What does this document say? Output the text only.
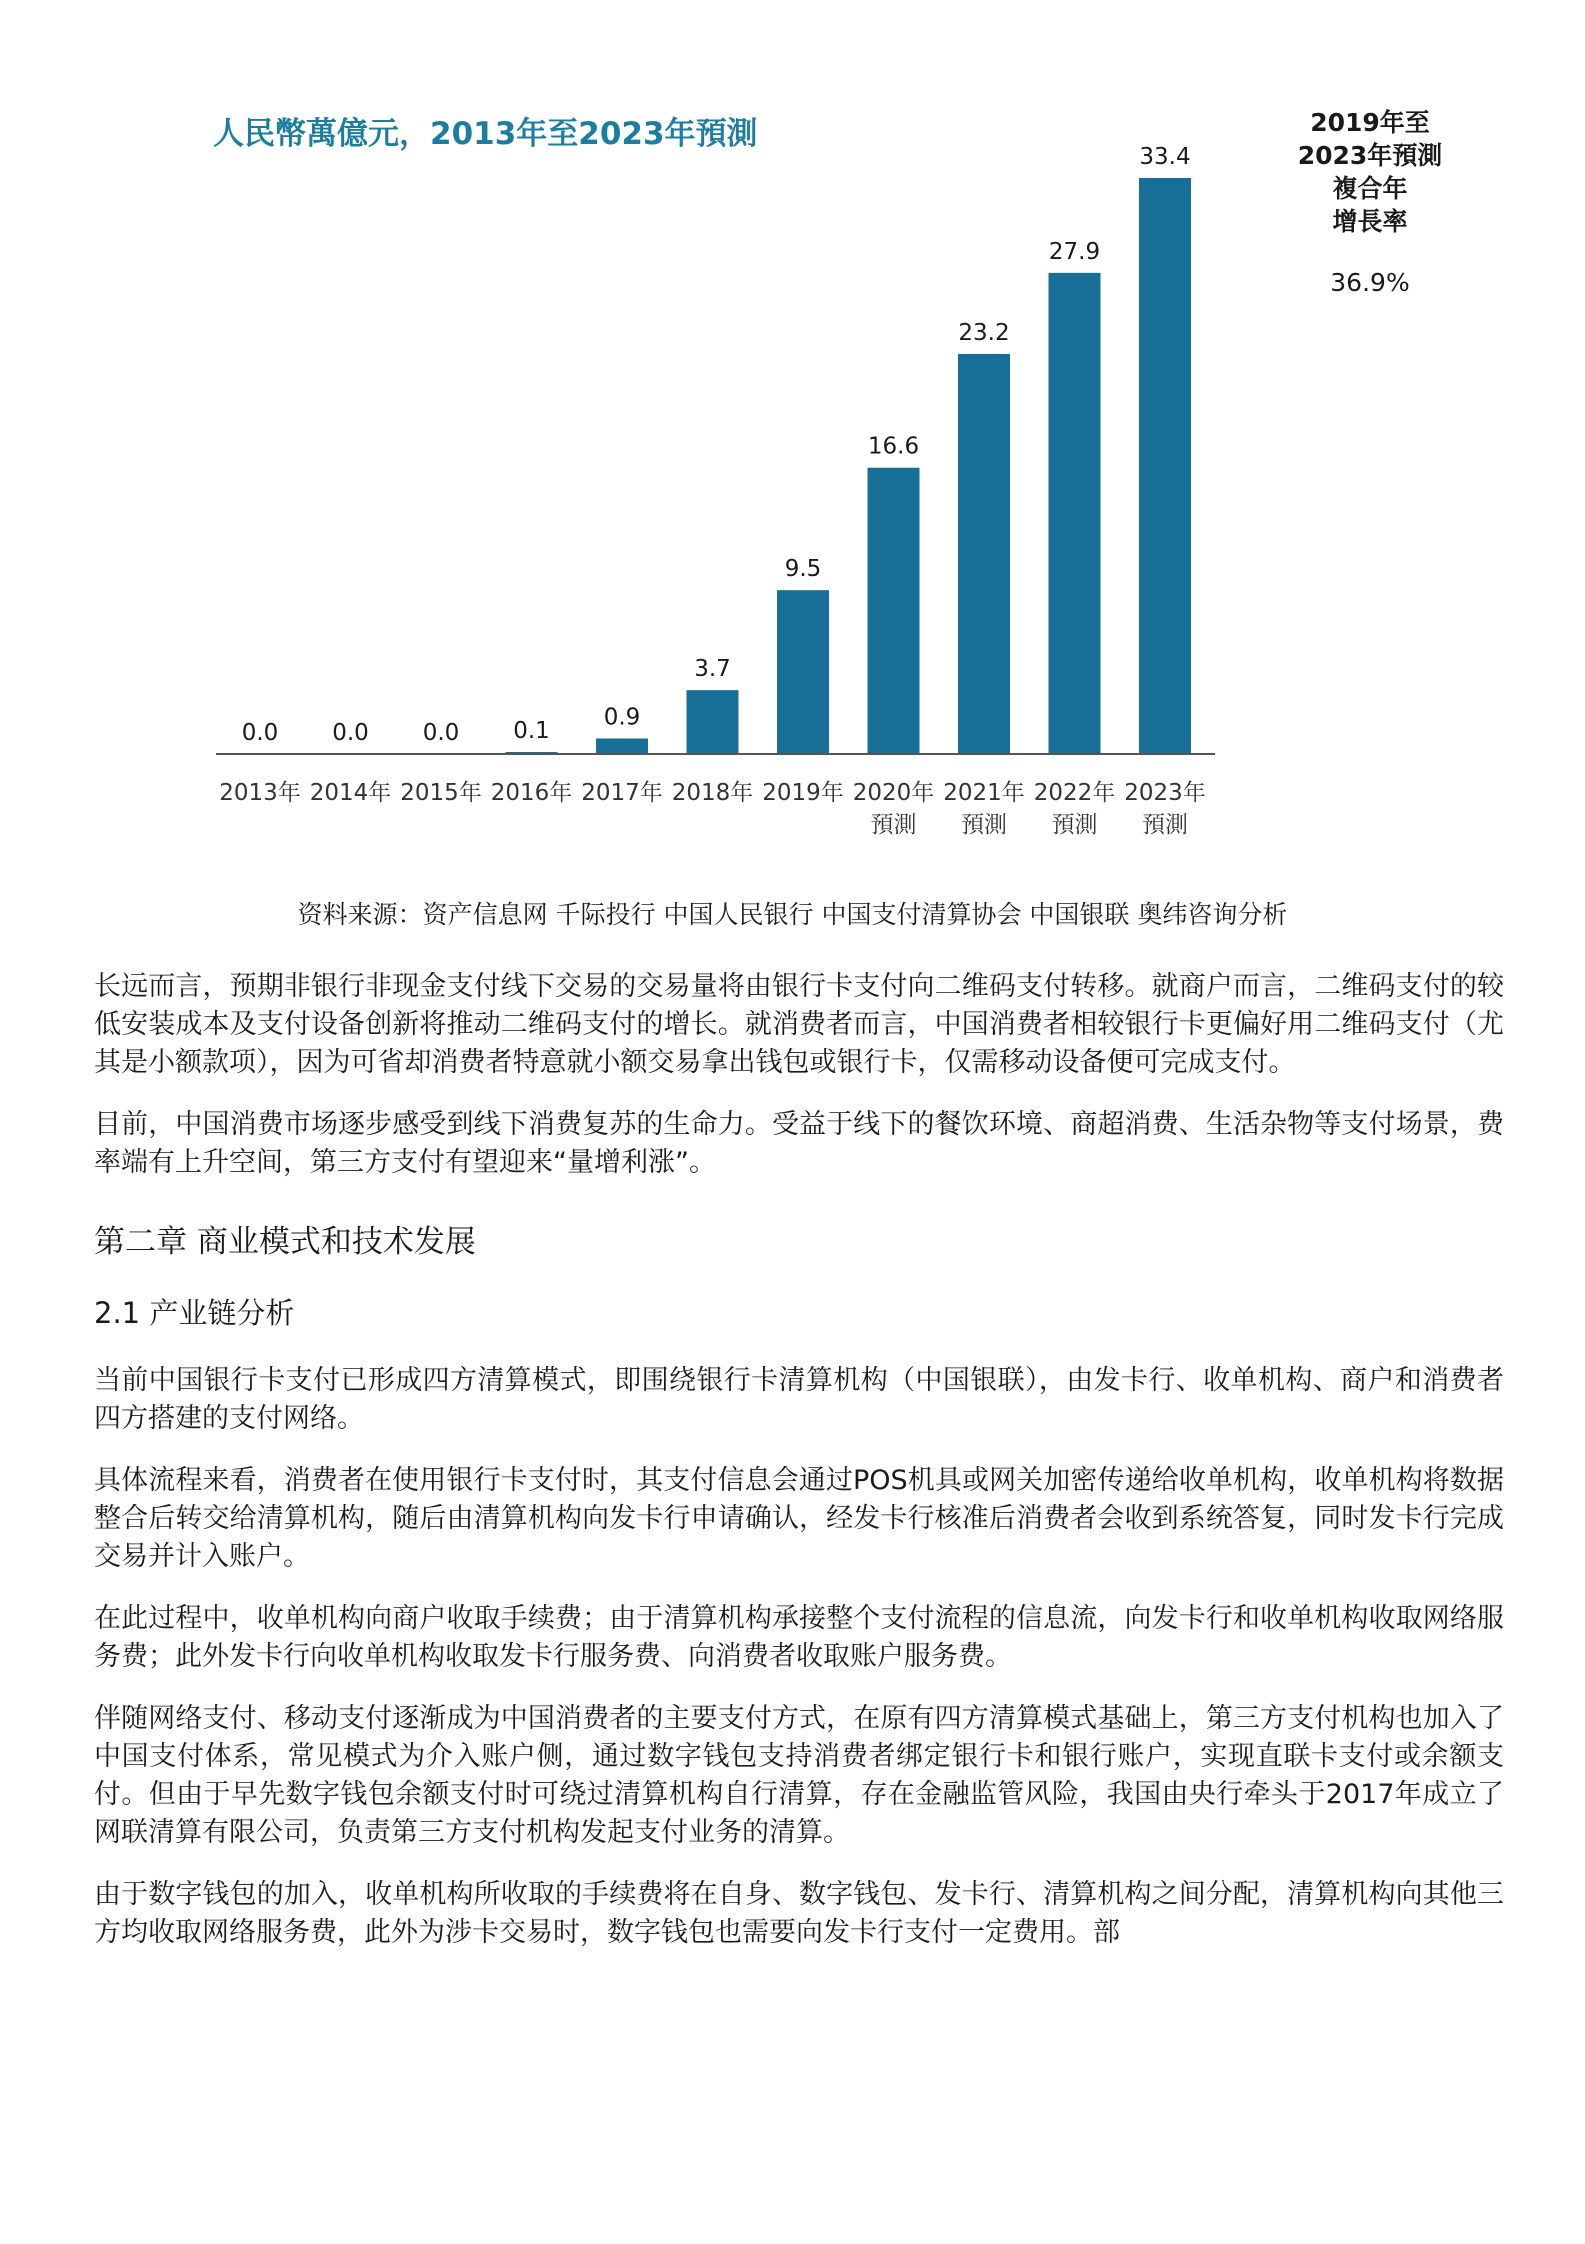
人民幣萬億元，2013年至2023年預測	2019年至
2023年預測
複合年
增長率
36.9%
0.0
2013年
0.0
2014年
0.0
2015年
0.1
2016年
0.9
2017年
3.7
2018年
9.5
2019年
16.6
2020年
預測
23.2
2021年
預測
27.9
2022年
預測
33.4
2023年
預測
资料来源：资产信息网 千际投行 中国人民银行 中国支付清算协会 中国银联 奥纬咨询分析

长远而言，预期非银行非现金支付线下交易的交易量将由银行卡支付向二维码支付转移。就商户而言，二维码支付的较低安装成本及支付设备创新将推动二维码支付的增长。就消费者而言，中国消费者相较银行卡更偏好用二维码支付（尤其是小额款项），因为可省却消费者特意就小额交易拿出钱包或银行卡，仅需移动设备便可完成支付。

目前，中国消费市场逐步感受到线下消费复苏的生命力。受益于线下的餐饮环境、商超消费、生活杂物等支付场景，费率端有上升空间，第三方支付有望迎来“量增利涨”。

第二章 商业模式和技术发展
2.1 产业链分析

当前中国银行卡支付已形成四方清算模式，即围绕银行卡清算机构（中国银联），由发卡行、收单机构、商户和消费者四方搭建的支付网络。

具体流程来看，消费者在使用银行卡支付时，其支付信息会通过POS机具或网关加密传递给收单机构，收单机构将数据整合后转交给清算机构，随后由清算机构向发卡行申请确认，经发卡行核准后消费者会收到系统答复，同时发卡行完成交易并计入账户。

在此过程中，收单机构向商户收取手续费；由于清算机构承接整个支付流程的信息流，向发卡行和收单机构收取网络服务费；此外发卡行向收单机构收取发卡行服务费、向消费者收取账户服务费。

伴随网络支付、移动支付逐渐成为中国消费者的主要支付方式，在原有四方清算模式基础上，第三方支付机构也加入了中国支付体系，常见模式为介入账户侧，通过数字钱包支持消费者绑定银行卡和银行账户，实现直联卡支付或余额支付。但由于早先数字钱包余额支付时可绕过清算机构自行清算，存在金融监管风险，我国由央行牵头于2017年成立了网联清算有限公司，负责第三方支付机构发起支付业务的清算。

由于数字钱包的加入，收单机构所收取的手续费将在自身、数字钱包、发卡行、清算机构之间分配，清算机构向其他三方均收取网络服务费，此外为涉卡交易时，数字钱包也需要向发卡行支付一定费用。部
